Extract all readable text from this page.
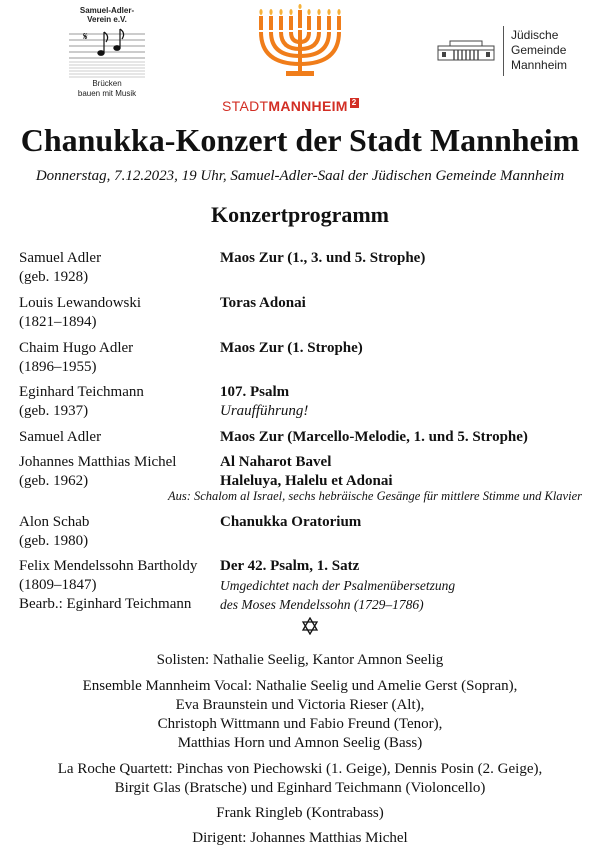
Samuel-Adler-
Verein e.V.
𝄋
Brücken
bauen mit Musik
STADTMANNHEIM 2
Jüdische
Gemeinde
Mannheim
Chanukka-Konzert der Stadt Mannheim
Donnerstag, 7.12.2023, 19 Uhr, Samuel-Adler-Saal der Jüdischen Gemeinde Mannheim
Konzertprogramm
Samuel Adler
(geb. 1928)
Maos Zur (1., 3. und 5. Strophe)
Louis Lewandowski
(1821–1894)
Toras Adonai
Chaim Hugo Adler
(1896–1955)
Maos Zur (1. Strophe)
Eginhard Teichmann
(geb. 1937)
107. Psalm
Uraufführung!
Samuel Adler	Maos Zur (Marcello-Melodie, 1. und 5. Strophe)
Johannes Matthias Michel
(geb. 1962)
Al Naharot Bavel
Haleluya, Halelu et Adonai
Aus: Schalom al Israel, sechs hebräische Gesänge für mittlere Stimme und Klavier
Alon Schab
(geb. 1980)
Chanukka Oratorium
Felix Mendelssohn Bartholdy
(1809–1847)
Bearb.: Eginhard Teichmann
Der 42. Psalm, 1. Satz
Umgedichtet nach der Psalmenübersetzung
des Moses Mendelssohn (1729–1786)
Solisten: Nathalie Seelig, Kantor Amnon Seelig
Ensemble Mannheim Vocal: Nathalie Seelig und Amelie Gerst (Sopran),
Eva Braunstein und Victoria Rieser (Alt),
Christoph Wittmann und Fabio Freund (Tenor),
Matthias Horn und Amnon Seelig (Bass)
La Roche Quartett: Pinchas von Piechowski (1. Geige), Dennis Posin (2. Geige),
Birgit Glas (Bratsche) und Eginhard Teichmann (Violoncello)
Frank Ringleb (Kontrabass)
Dirigent: Johannes Matthias Michel
